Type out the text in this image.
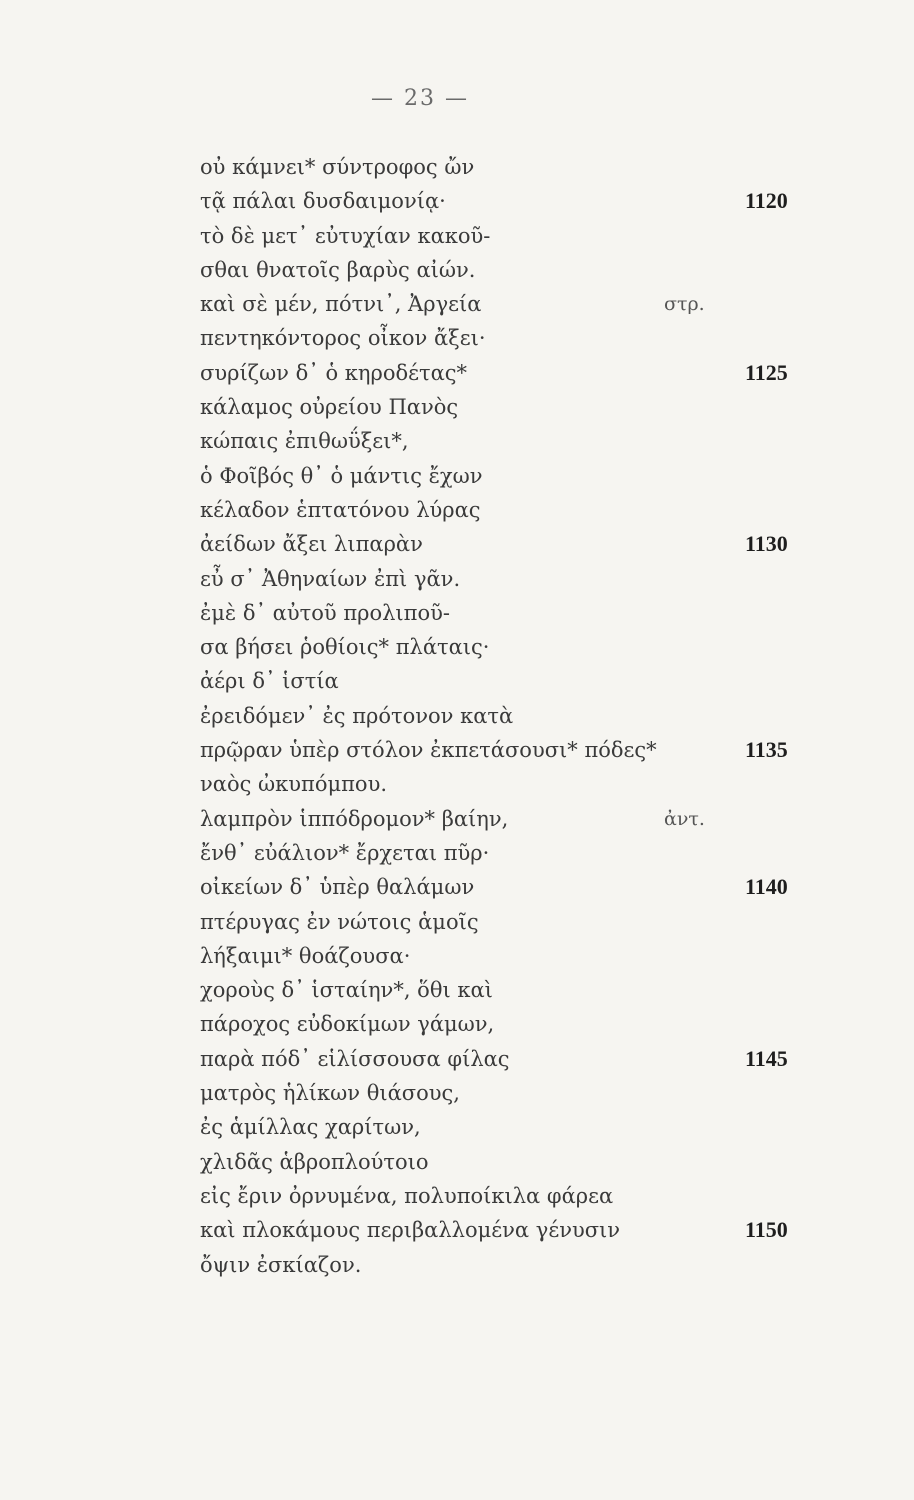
— 23 —
οὐ κάμνει* σύντροφος ὤν
τᾷ πάλαι δυσδαιμονίᾳ·	1120
τὸ δὲ μετ᾽ εὐτυχίαν κακοῦ-
σθαι θνατοῖς βαρὺς αἰών.
καὶ σὲ μέν, πότνι᾽, Ἀργεία	στρ.
πεντηκόντορος οἶκον ἄξει·
συρίζων δ᾽ ὁ κηροδέτας*	1125
κάλαμος οὐρείου Πανὸς
κώπαις ἐπιθωΰξει*,
ὁ Φοῖβός θ᾽ ὁ μάντις ἔχων
κέλαδον ἑπτατόνου λύρας
ἀείδων ἄξει λιπαρὰν	1130
εὖ σ᾽ Ἀθηναίων ἐπὶ γᾶν.
ἐμὲ δ᾽ αὐτοῦ προλιποῦ-
σα βήσει ῥοθίοις* πλάταις·
ἀέρι δ᾽ ἱστία
ἐρειδόμεν᾽ ἐς πρότονον κατὰ
πρῷραν ὑπὲρ στόλον ἐκπετάσουσι* πόδες*	1135
ναὸς ὠκυπόμπου.
λαμπρὸν ἱππόδρομον* βαίην,	ἀντ.
ἔνθ᾽ εὐάλιον* ἔρχεται πῦρ·
οἰκείων δ᾽ ὑπὲρ θαλάμων	1140
πτέρυγας ἐν νώτοις ἁμοῖς
λήξαιμι* θοάζουσα·
χοροὺς δ᾽ ἱσταίην*, ὅθι καὶ
πάροχος εὐδοκίμων γάμων,
παρὰ πόδ᾽ εἱλίσσουσα φίλας	1145
ματρὸς ἡλίκων θιάσους,
ἐς ἁμίλλας χαρίτων,
χλιδᾶς ἁβροπλούτοιο
εἰς ἔριν ὀρνυμένα, πολυποίκιλα φάρεα
καὶ πλοκάμους περιβαλλομένα γένυσιν	1150
ὄψιν ἐσκίαζον.
